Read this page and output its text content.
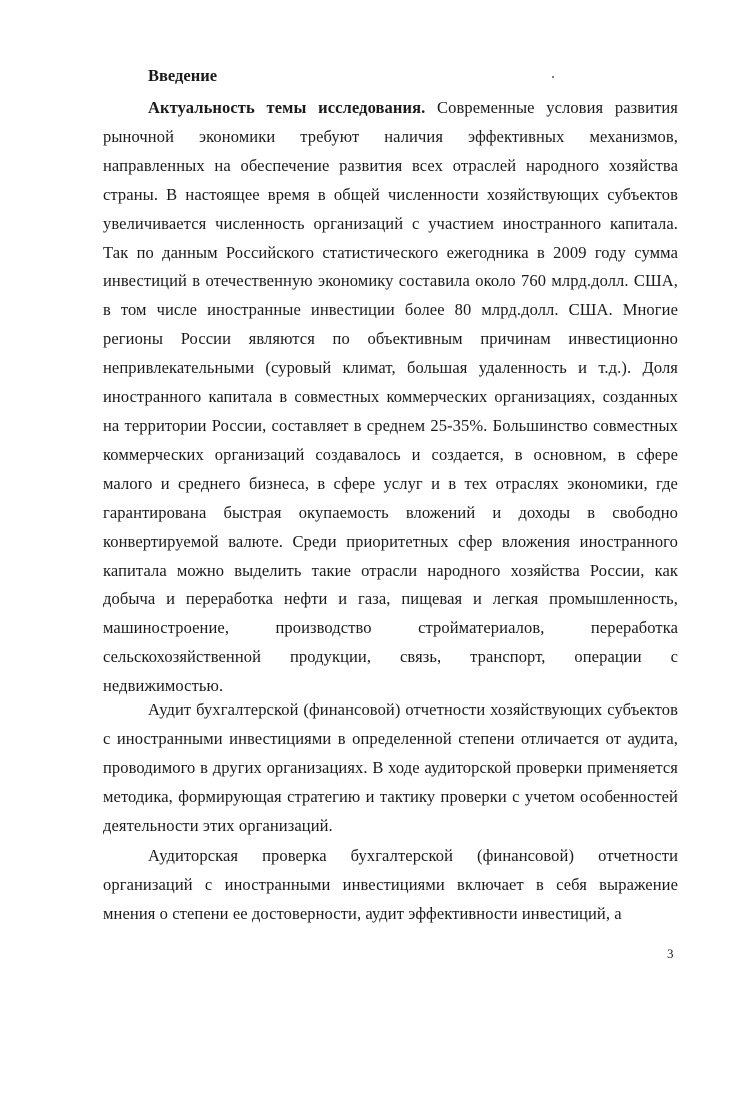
Введение

Актуальность темы исследования. Современные условия развития рыночной экономики требуют наличия эффективных механизмов, направленных на обеспечение развития всех отраслей народного хозяйства страны. В настоящее время в общей численности хозяйствующих субъектов увеличивается численность организаций с участием иностранного капитала. Так по данным Российского статистического ежегодника в 2009 году сумма инвестиций в отечественную экономику составила около 760 млрд.долл. США, в том числе иностранные инвестиции более 80 млрд.долл. США. Многие регионы России являются по объективным причинам инвестиционно непривлекательными (суровый климат, большая удаленность и т.д.). Доля иностранного капитала в совместных коммерческих организациях, созданных на территории России, составляет в среднем 25-35%. Большинство совместных коммерческих организаций создавалось и создается, в основном, в сфере малого и среднего бизнеса, в сфере услуг и в тех отраслях экономики, где гарантирована быстрая окупаемость вложений и доходы в свободно конвертируемой валюте. Среди приоритетных сфер вложения иностранного капитала можно выделить такие отрасли народного хозяйства России, как добыча и переработка нефти и газа, пищевая и легкая промышленность, машиностроение, производство стройматериалов, переработка сельскохозяйственной продукции, связь, транспорт, операции с недвижимостью.

Аудит бухгалтерской (финансовой) отчетности хозяйствующих субъектов с иностранными инвестициями в определенной степени отличается от аудита, проводимого в других организациях. В ходе аудиторской проверки применяется методика, формирующая стратегию и тактику проверки с учетом особенностей деятельности этих организаций.

Аудиторская проверка бухгалтерской (финансовой) отчетности организаций с иностранными инвестициями включает в себя выражение мнения о степени ее достоверности, аудит эффективности инвестиций, а

3
